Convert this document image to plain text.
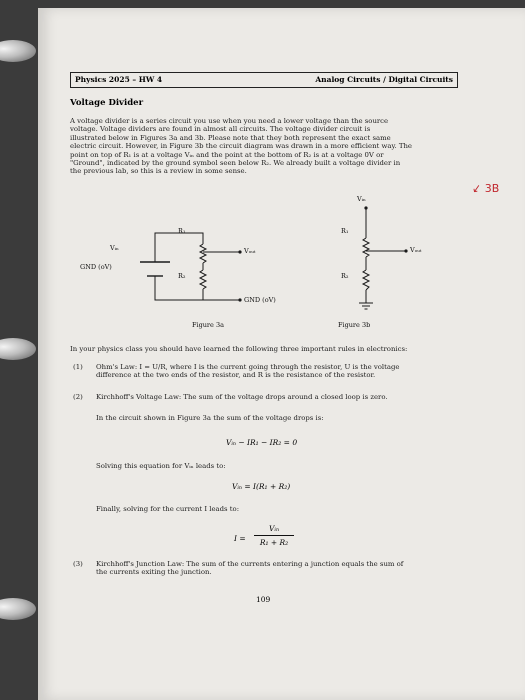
Physics 2025 – HW 4	Analog Circuits / Digital Circuits
Voltage Divider
A voltage divider is a series circuit you use when you need a lower voltage than the source
voltage. Voltage dividers are found in almost all circuits. The voltage divider circuit is
illustrated below in Figures 3a and 3b. Please note that they both represent the exact same
electric circuit. However, in Figure 3b the circuit diagram was drawn in a more efficient way. The
point on top of R₁ is at a voltage Vᵢₙ and the point at the bottom of R₂ is at a voltage 0V or
"Ground", indicated by the ground symbol seen below R₂. We already built a voltage divider in
the previous lab, so this is a review in some sense.
↙ 3B
R₁
R₂
Vᵢₙ
GND (oV)
Vₒᵤₜ
GND (oV)
Figure 3a
Vᵢₙ
R₁
R₂
Vₒᵤₜ
Figure 3b
In your physics class you should have learned the following three important rules in electronics:
(1) Ohm's Law: I = U/R, where I is the current going through the resistor, U is the voltage
difference at the two ends of the resistor, and R is the resistance of the resistor.
(2) Kirchhoff's Voltage Law: The sum of the voltage drops around a closed loop is zero.
In the circuit shown in Figure 3a the sum of the voltage drops is:
Vᵢₙ − IR₁ − IR₂ = 0
Solving this equation for Vᵢₙ leads to:
Vᵢₙ = I(R₁ + R₂)
Finally, solving for the current I leads to:
I =
Vᵢₙ
R₁ + R₂
(3) Kirchhoff's Junction Law: The sum of the currents entering a junction equals the sum of
the currents exiting the junction.
109
